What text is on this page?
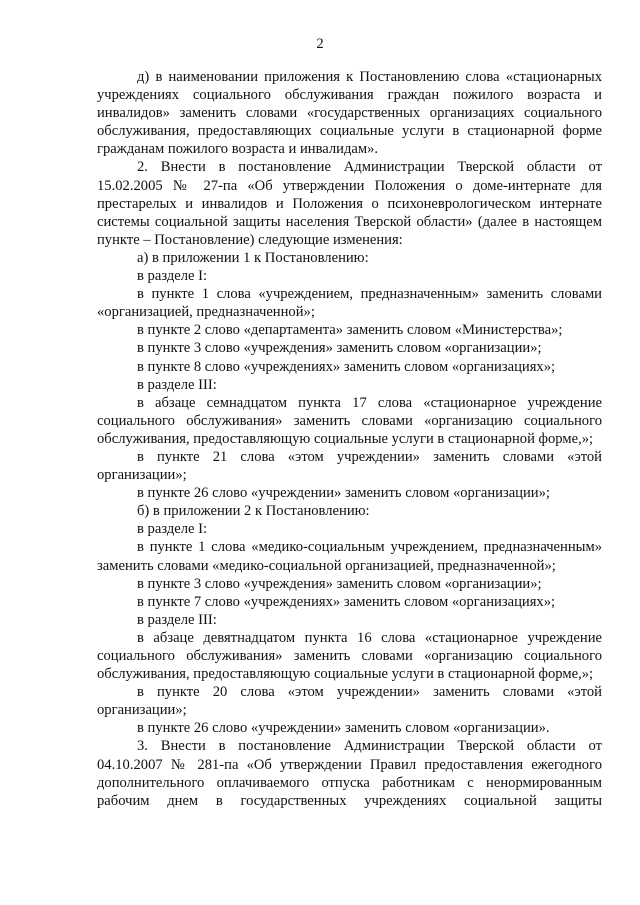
2

д) в наименовании приложения к Постановлению слова «стационарных учреждениях социального обслуживания граждан пожилого возраста и инвалидов» заменить словами «государственных организациях социального обслуживания, предоставляющих социальные услуги в стационарной форме гражданам пожилого возраста и инвалидам».

2. Внести в постановление Администрации Тверской области от 15.02.2005 № 27-па «Об утверждении Положения о доме-интернате для престарелых и инвалидов и Положения о психоневрологическом интернате системы социальной защиты населения Тверской области» (далее в настоящем пункте – Постановление) следующие изменения:

а) в приложении 1 к Постановлению:

в разделе I:

в пункте 1 слова «учреждением, предназначенным» заменить словами «организацией, предназначенной»;

в пункте 2 слово «департамента» заменить словом «Министерства»;

в пункте 3 слово «учреждения» заменить словом «организации»;

в пункте 8 слово «учреждениях» заменить словом «организациях»;

в разделе III:

в абзаце семнадцатом пункта 17 слова «стационарное учреждение социального обслуживания» заменить словами «организацию социального обслуживания, предоставляющую социальные услуги в стационарной форме,»;

в пункте 21 слова «этом учреждении» заменить словами «этой организации»;

в пункте 26 слово «учреждении» заменить словом «организации»;

б) в приложении 2 к Постановлению:

в разделе I:

в пункте 1 слова «медико-социальным учреждением, предназначенным» заменить словами «медико-социальной организацией, предназначенной»;

в пункте 3 слово «учреждения» заменить словом «организации»;

в пункте 7 слово «учреждениях» заменить словом «организациях»;

в разделе III:

в абзаце девятнадцатом пункта 16 слова «стационарное учреждение социального обслуживания» заменить словами «организацию социального обслуживания, предоставляющую социальные услуги в стационарной форме,»;

в пункте 20 слова «этом учреждении» заменить словами «этой организации»;

в пункте 26 слово «учреждении» заменить словом «организации».

3. Внести в постановление Администрации Тверской области от 04.10.2007 № 281-па «Об утверждении Правил предоставления ежегодного дополнительного оплачиваемого отпуска работникам с ненормированным рабочим днем в государственных учреждениях социальной защиты
